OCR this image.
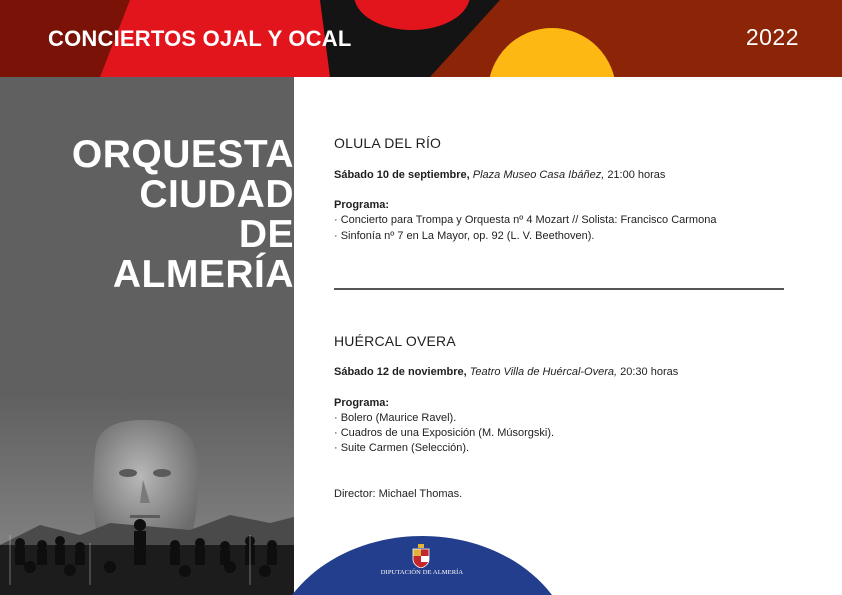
CONCIERTOS OJAL Y OCAL	2022
ORQUESTA
CIUDAD
DE
ALMERÍA
OLULA DEL RÍO
Sábado 10 de septiembre, Plaza Museo Casa Ibáñez, 21:00 horas
Programa:
· Concierto para Trompa y Orquesta nº 4 Mozart // Solista: Francisco Carmona
· Sinfonía nº 7 en La Mayor, op. 92 (L. V. Beethoven).
HUÉRCAL OVERA
Sábado 12 de noviembre, Teatro Villa de Huércal-Overa, 20:30 horas
Programa:
· Bolero (Maurice Ravel).
· Cuadros de una Exposición (M. Músorgski).
· Suite Carmen (Selección).
Director: Michael Thomas.
DIPUTACIÓN DE ALMERÍA
